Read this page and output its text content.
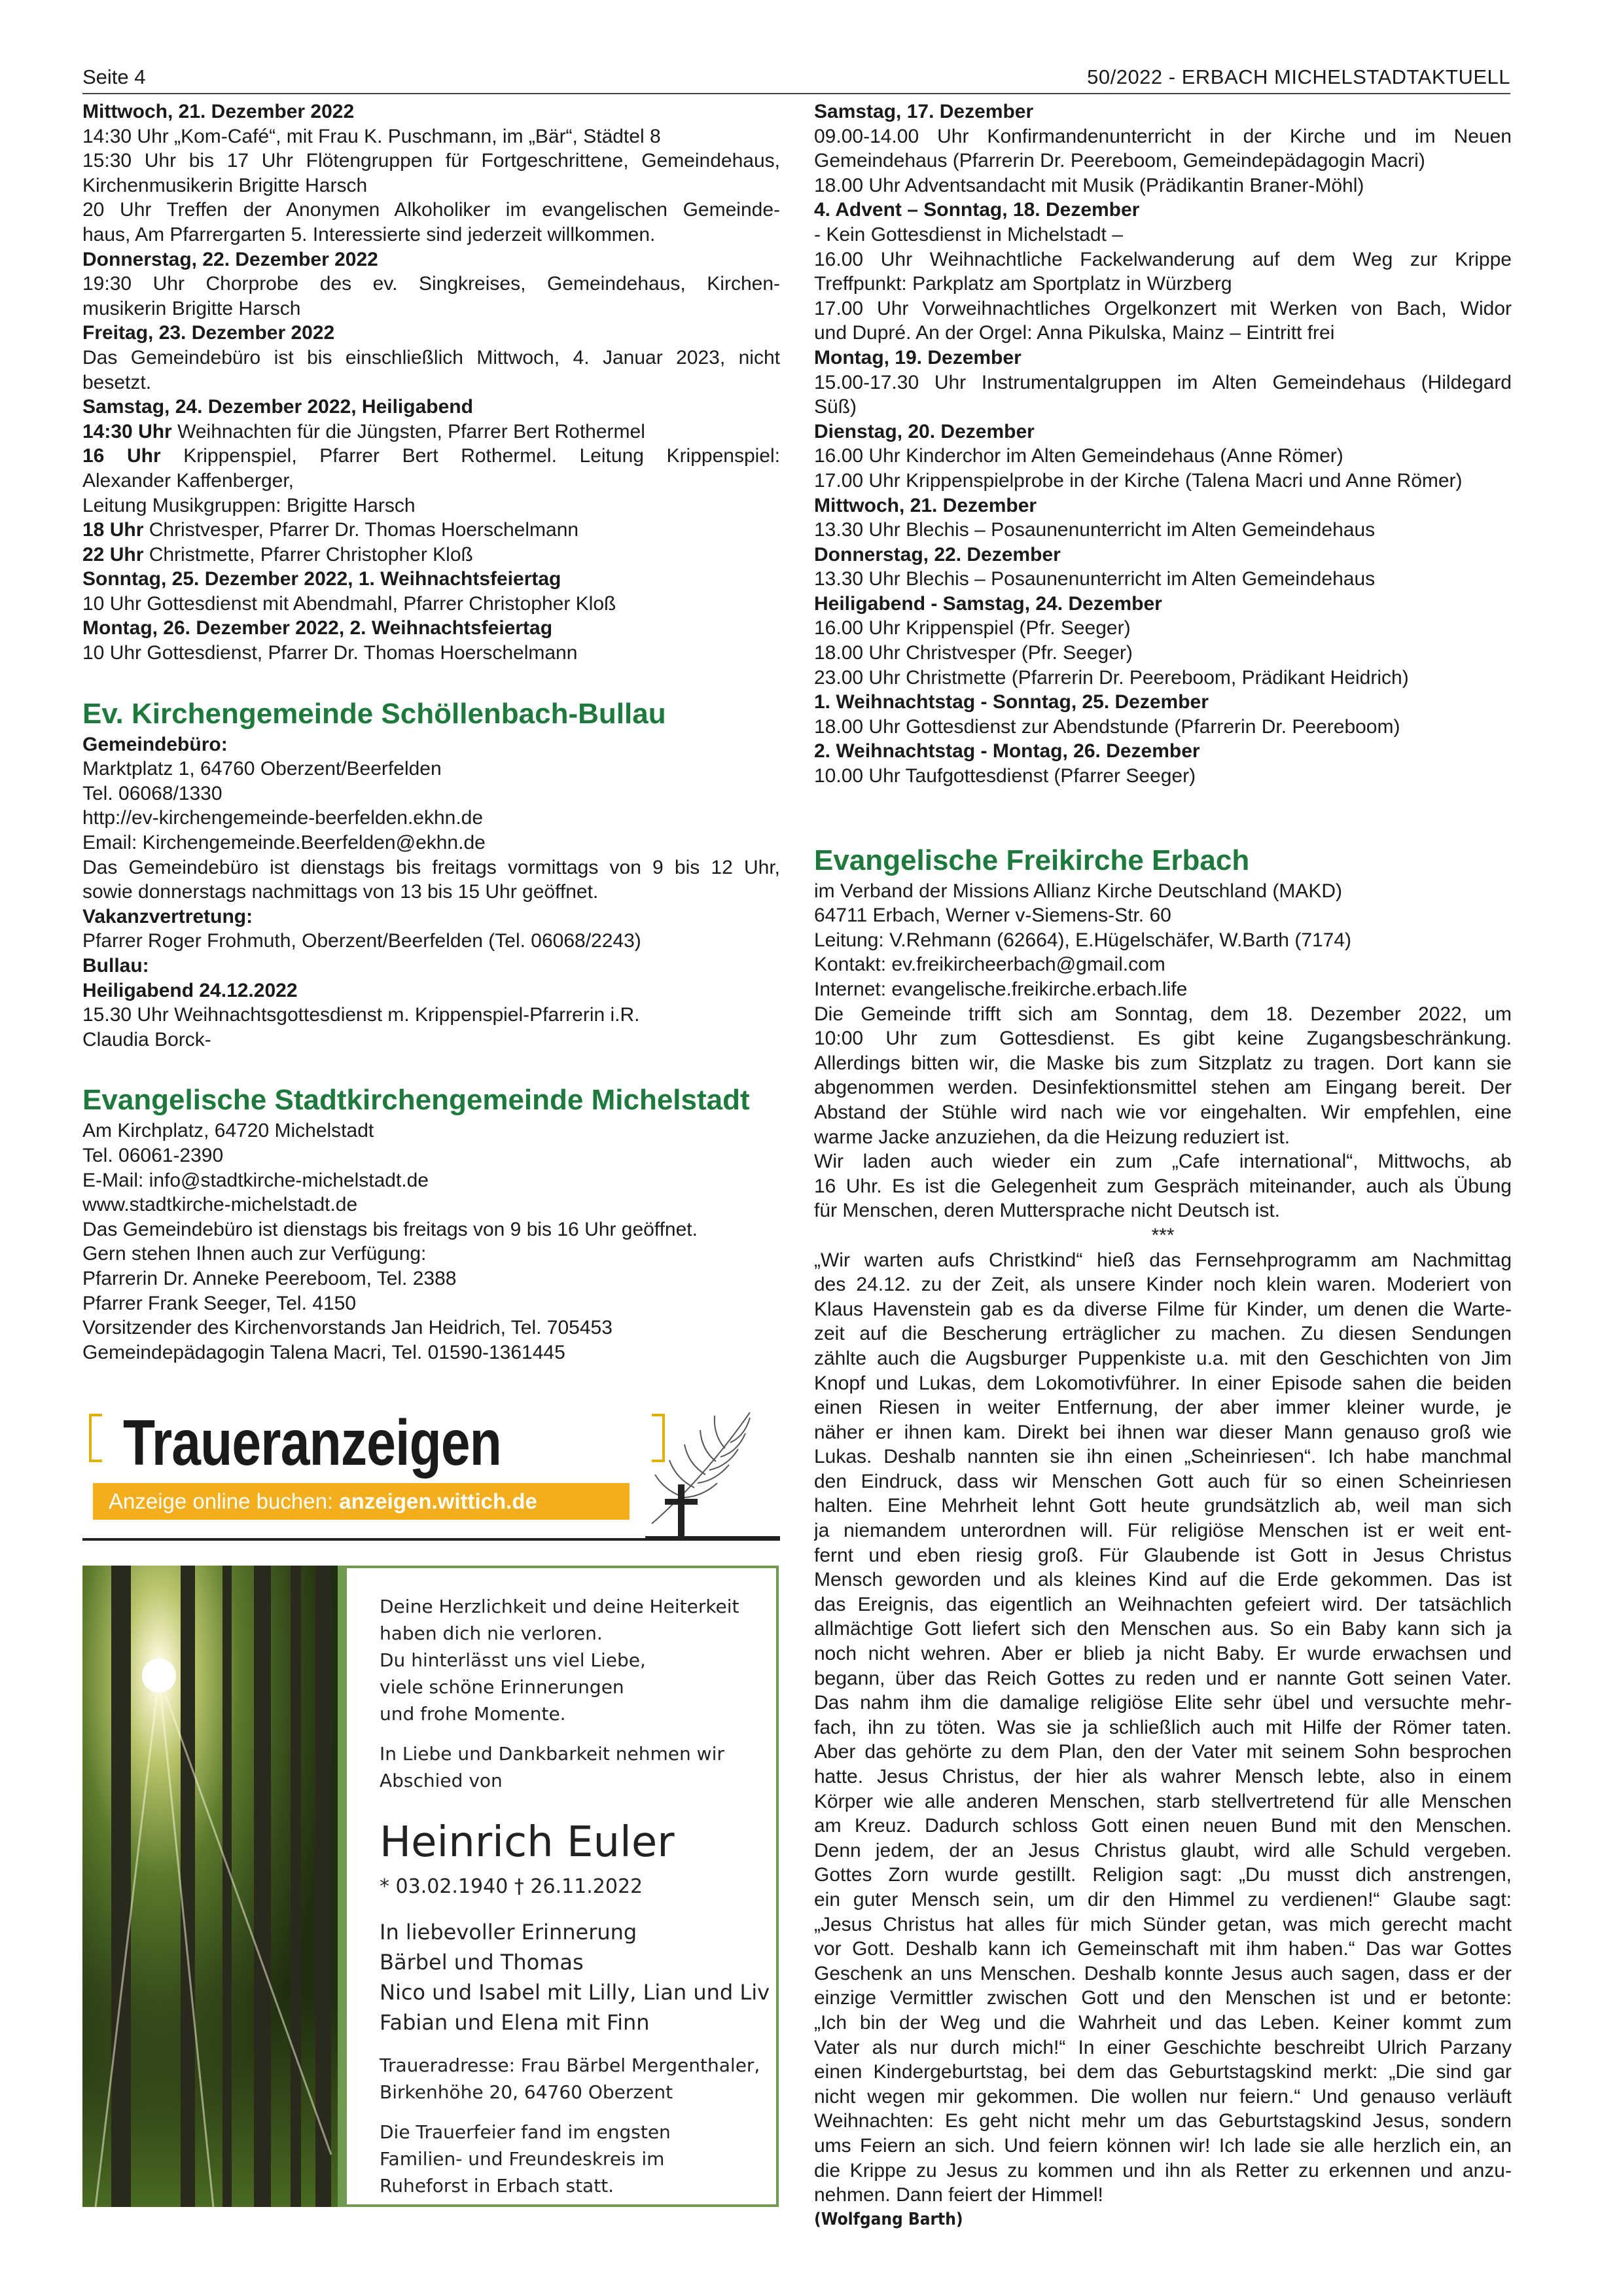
Seite 4	50/2022 - ERBACH MICHELSTADTAKTUELL
Mittwoch, 21. Dezember 2022
14:30 Uhr „Kom-Café“, mit Frau K. Puschmann, im „Bär“, Städtel 8
15:30 Uhr bis 17 Uhr Flötengruppen für Fortgeschrittene, Gemeindehaus,
Kirchenmusikerin Brigitte Harsch
20 Uhr Treffen der Anonymen Alkoholiker im evangelischen Gemeinde-
haus, Am Pfarrergarten 5. Interessierte sind jederzeit willkommen.
Donnerstag, 22. Dezember 2022
19:30 Uhr Chorprobe des ev. Singkreises, Gemeindehaus, Kirchen-
musikerin Brigitte Harsch
Freitag, 23. Dezember 2022
Das Gemeindebüro ist bis einschließlich Mittwoch, 4. Januar 2023, nicht
besetzt.
Samstag, 24. Dezember 2022, Heiligabend
14:30 Uhr Weihnachten für die Jüngsten, Pfarrer Bert Rothermel
16 Uhr Krippenspiel, Pfarrer Bert Rothermel. Leitung Krippenspiel:
Alexander Kaffenberger,
Leitung Musikgruppen: Brigitte Harsch
18 Uhr Christvesper, Pfarrer Dr. Thomas Hoerschelmann
22 Uhr Christmette, Pfarrer Christopher Kloß
Sonntag, 25. Dezember 2022, 1. Weihnachtsfeiertag
10 Uhr Gottesdienst mit Abendmahl, Pfarrer Christopher Kloß
Montag, 26. Dezember 2022, 2. Weihnachtsfeiertag
10 Uhr Gottesdienst, Pfarrer Dr. Thomas Hoerschelmann
Ev. Kirchengemeinde Schöllenbach-Bullau
Gemeindebüro:
Marktplatz 1, 64760 Oberzent/Beerfelden
Tel. 06068/1330
http://ev-kirchengemeinde-beerfelden.ekhn.de
Email: Kirchengemeinde.Beerfelden@ekhn.de
Das Gemeindebüro ist dienstags bis freitags vormittags von 9 bis 12 Uhr,
sowie donnerstags nachmittags von 13 bis 15 Uhr geöffnet.
Vakanzvertretung:
Pfarrer Roger Frohmuth, Oberzent/Beerfelden (Tel. 06068/2243)
Bullau:
Heiligabend 24.12.2022
15.30 Uhr Weihnachtsgottesdienst m. Krippenspiel-Pfarrerin i.R.
Claudia Borck-
Evangelische Stadtkirchengemeinde Michelstadt
Am Kirchplatz, 64720 Michelstadt
Tel. 06061-2390
E-Mail: info@stadtkirche-michelstadt.de
www.stadtkirche-michelstadt.de
Das Gemeindebüro ist dienstags bis freitags von 9 bis 16 Uhr geöffnet.
Gern stehen Ihnen auch zur Verfügung:
Pfarrerin Dr. Anneke Peereboom, Tel. 2388
Pfarrer Frank Seeger, Tel. 4150
Vorsitzender des Kirchenvorstands Jan Heidrich, Tel. 705453
Gemeindepädagogin Talena Macri, Tel. 01590-1361445
Traueranzeigen
Anzeige online buchen: anzeigen.wittich.de
Deine Herzlichkeit und deine Heiterkeit
haben dich nie verloren.
Du hinterlässt uns viel Liebe,
viele schöne Erinnerungen
und frohe Momente.
In Liebe und Dankbarkeit nehmen wir
Abschied von
Heinrich Euler
* 03.02.1940 † 26.11.2022
In liebevoller Erinnerung
Bärbel und Thomas
Nico und Isabel mit Lilly, Lian und Liv
Fabian und Elena mit Finn
Traueradresse: Frau Bärbel Mergenthaler,
Birkenhöhe 20, 64760 Oberzent
Die Trauerfeier fand im engsten
Familien- und Freundeskreis im
Ruheforst in Erbach statt.
Samstag, 17. Dezember
09.00-14.00 Uhr Konfirmandenunterricht in der Kirche und im Neuen
Gemeindehaus (Pfarrerin Dr. Peereboom, Gemeindepädagogin Macri)
18.00 Uhr Adventsandacht mit Musik (Prädikantin Braner-Möhl)
4. Advent – Sonntag, 18. Dezember
- Kein Gottesdienst in Michelstadt –
16.00 Uhr Weihnachtliche Fackelwanderung auf dem Weg zur Krippe
Treffpunkt: Parkplatz am Sportplatz in Würzberg
17.00 Uhr Vorweihnachtliches Orgelkonzert mit Werken von Bach, Widor
und Dupré. An der Orgel: Anna Pikulska, Mainz – Eintritt frei
Montag, 19. Dezember
15.00-17.30 Uhr Instrumentalgruppen im Alten Gemeindehaus (Hildegard
Süß)
Dienstag, 20. Dezember
16.00 Uhr Kinderchor im Alten Gemeindehaus (Anne Römer)
17.00 Uhr Krippenspielprobe in der Kirche (Talena Macri und Anne Römer)
Mittwoch, 21. Dezember
13.30 Uhr Blechis – Posaunenunterricht im Alten Gemeindehaus
Donnerstag, 22. Dezember
13.30 Uhr Blechis – Posaunenunterricht im Alten Gemeindehaus
Heiligabend - Samstag, 24. Dezember
16.00 Uhr Krippenspiel (Pfr. Seeger)
18.00 Uhr Christvesper (Pfr. Seeger)
23.00 Uhr Christmette (Pfarrerin Dr. Peereboom, Prädikant Heidrich)
1. Weihnachtstag - Sonntag, 25. Dezember
18.00 Uhr Gottesdienst zur Abendstunde (Pfarrerin Dr. Peereboom)
2. Weihnachtstag - Montag, 26. Dezember
10.00 Uhr Taufgottesdienst (Pfarrer Seeger)
Evangelische Freikirche Erbach
im Verband der Missions Allianz Kirche Deutschland (MAKD)
64711 Erbach, Werner v-Siemens-Str. 60
Leitung: V.Rehmann (62664), E.Hügelschäfer, W.Barth (7174)
Kontakt: ev.freikircheerbach@gmail.com
Internet: evangelische.freikirche.erbach.life
Die Gemeinde trifft sich am Sonntag, dem 18. Dezember 2022, um
10:00 Uhr zum Gottesdienst. Es gibt keine Zugangsbeschränkung.
Allerdings bitten wir, die Maske bis zum Sitzplatz zu tragen. Dort kann sie
abgenommen werden. Desinfektionsmittel stehen am Eingang bereit. Der
Abstand der Stühle wird nach wie vor eingehalten. Wir empfehlen, eine
warme Jacke anzuziehen, da die Heizung reduziert ist.
Wir laden auch wieder ein zum „Cafe international“, Mittwochs, ab
16 Uhr. Es ist die Gelegenheit zum Gespräch miteinander, auch als Übung
für Menschen, deren Muttersprache nicht Deutsch ist.
***
„Wir warten aufs Christkind“ hieß das Fernsehprogramm am Nachmittag
des 24.12. zu der Zeit, als unsere Kinder noch klein waren. Moderiert von
Klaus Havenstein gab es da diverse Filme für Kinder, um denen die Warte-
zeit auf die Bescherung erträglicher zu machen. Zu diesen Sendungen
zählte auch die Augsburger Puppenkiste u.a. mit den Geschichten von Jim
Knopf und Lukas, dem Lokomotivführer. In einer Episode sahen die beiden
einen Riesen in weiter Entfernung, der aber immer kleiner wurde, je
näher er ihnen kam. Direkt bei ihnen war dieser Mann genauso groß wie
Lukas. Deshalb nannten sie ihn einen „Scheinriesen“. Ich habe manchmal
den Eindruck, dass wir Menschen Gott auch für so einen Scheinriesen
halten. Eine Mehrheit lehnt Gott heute grundsätzlich ab, weil man sich
ja niemandem unterordnen will. Für religiöse Menschen ist er weit ent-
fernt und eben riesig groß. Für Glaubende ist Gott in Jesus Christus
Mensch geworden und als kleines Kind auf die Erde gekommen. Das ist
das Ereignis, das eigentlich an Weihnachten gefeiert wird. Der tatsächlich
allmächtige Gott liefert sich den Menschen aus. So ein Baby kann sich ja
noch nicht wehren. Aber er blieb ja nicht Baby. Er wurde erwachsen und
begann, über das Reich Gottes zu reden und er nannte Gott seinen Vater.
Das nahm ihm die damalige religiöse Elite sehr übel und versuchte mehr-
fach, ihn zu töten. Was sie ja schließlich auch mit Hilfe der Römer taten.
Aber das gehörte zu dem Plan, den der Vater mit seinem Sohn besprochen
hatte. Jesus Christus, der hier als wahrer Mensch lebte, also in einem
Körper wie alle anderen Menschen, starb stellvertretend für alle Menschen
am Kreuz. Dadurch schloss Gott einen neuen Bund mit den Menschen.
Denn jedem, der an Jesus Christus glaubt, wird alle Schuld vergeben.
Gottes Zorn wurde gestillt. Religion sagt: „Du musst dich anstrengen,
ein guter Mensch sein, um dir den Himmel zu verdienen!“ Glaube sagt:
„Jesus Christus hat alles für mich Sünder getan, was mich gerecht macht
vor Gott. Deshalb kann ich Gemeinschaft mit ihm haben.“ Das war Gottes
Geschenk an uns Menschen. Deshalb konnte Jesus auch sagen, dass er der
einzige Vermittler zwischen Gott und den Menschen ist und er betonte:
„Ich bin der Weg und die Wahrheit und das Leben. Keiner kommt zum
Vater als nur durch mich!“ In einer Geschichte beschreibt Ulrich Parzany
einen Kindergeburtstag, bei dem das Geburtstagskind merkt: „Die sind gar
nicht wegen mir gekommen. Die wollen nur feiern.“ Und genauso verläuft
Weihnachten: Es geht nicht mehr um das Geburtstagskind Jesus, sondern
ums Feiern an sich. Und feiern können wir! Ich lade sie alle herzlich ein, an
die Krippe zu Jesus zu kommen und ihn als Retter zu erkennen und anzu-
nehmen. Dann feiert der Himmel!
(Wolfgang Barth)
